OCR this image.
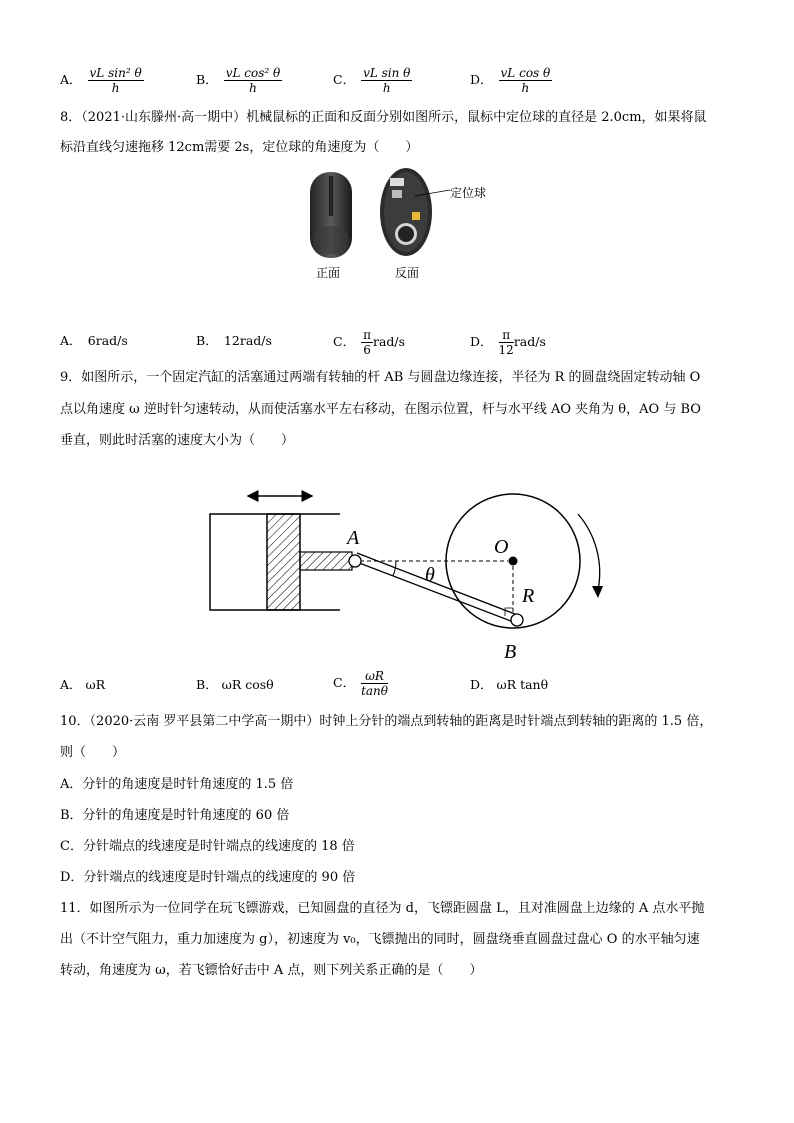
A． $\frac{\text{vL sin² θ}}{h}$	B． $\frac{\text{vL cos² θ}}{h}$	C． $\frac{\text{vL sin θ}}{h}$	D． $\frac{\text{vL cos θ}}{h}$
8．（2021·山东滕州·高一期中）机械鼠标的正面和反面分别如图所示，鼠标中定位球的直径是 2.0cm，如果将鼠
标沿直线匀速拖移 12cm需要 2s，定位球的角速度为（　　）
定位球
正面	反面
A．　6rad/s	B．　12rad/s	C． $\frac{\pi}{6} rad/s$	D． $\frac{\pi}{12} rad/s$
9．如图所示，一个固定汽缸的活塞通过两端有转轴的杆 AB 与圆盘边缘连接，半径为 R 的圆盘绕固定转动轴 O
点以角速度 ω 逆时针匀速转动，从而使活塞水平左右移动，在图示位置，杆与水平线 AO 夹角为 θ，AO 与 BO
垂直，则此时活塞的速度大小为（　　）
A	O
θ
R
B
A． ωR	B． ωR cosθ	C． $\frac{\omega R}{\tan\theta}$	D． ωR tanθ
10．（2020·云南 罗平县第二中学高一期中）时钟上分针的端点到转轴的距离是时针端点到转轴的距离的 1.5 倍，
则（　　）
A．分针的角速度是时针角速度的 1.5 倍
B．分针的角速度是时针角速度的 60 倍
C．分针端点的线速度是时针端点的线速度的 18 倍
D．分针端点的线速度是时针端点的线速度的 90 倍
11．如图所示为一位同学在玩飞镖游戏，已知圆盘的直径为 d，飞镖距圆盘 L，且对准圆盘上边缘的 A 点水平抛
出（不计空气阻力，重力加速度为 g），初速度为 v₀，飞镖抛出的同时，圆盘绕垂直圆盘过盘心 O 的水平轴匀速
转动，角速度为 ω，若飞镖恰好击中 A 点，则下列关系正确的是（　　）
